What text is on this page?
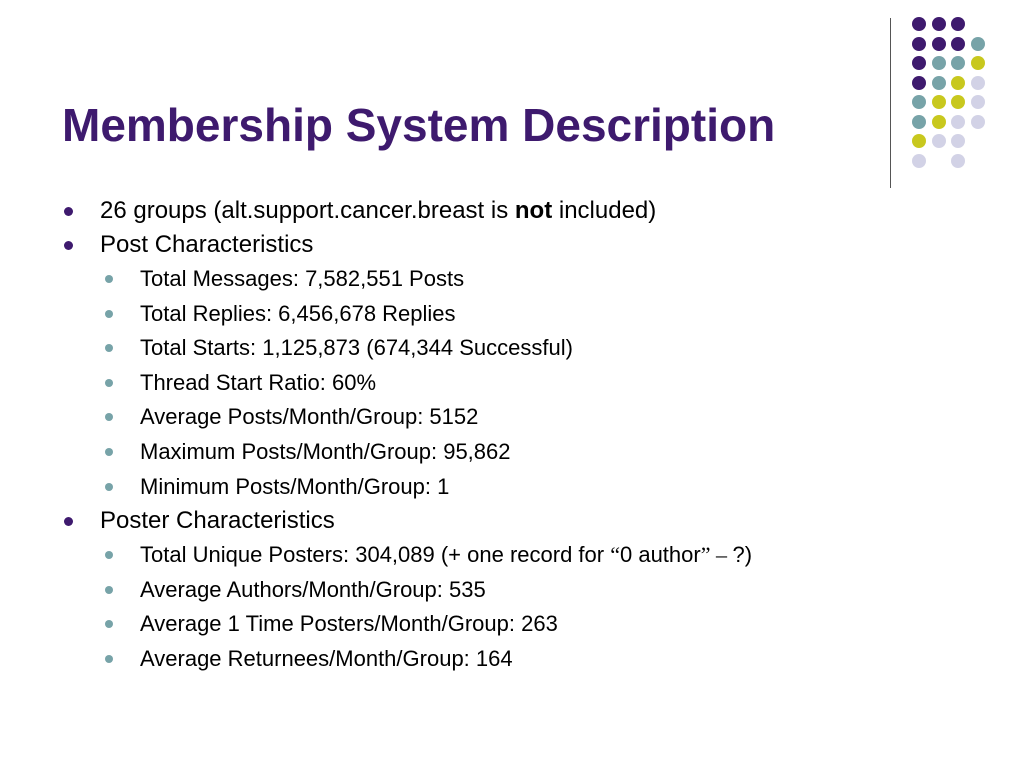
Membership System Description
26 groups (alt.support.cancer.breast is not included)
Post Characteristics
Total Messages: 7,582,551 Posts
Total Replies: 6,456,678 Replies
Total Starts: 1,125,873 (674,344 Successful)
Thread Start Ratio: 60%
Average Posts/Month/Group: 5152
Maximum Posts/Month/Group: 95,862
Minimum Posts/Month/Group: 1
Poster Characteristics
Total Unique Posters: 304,089 (+ one record for “0 author” – ?)
Average Authors/Month/Group: 535
Average 1 Time Posters/Month/Group: 263
Average Returnees/Month/Group: 164
